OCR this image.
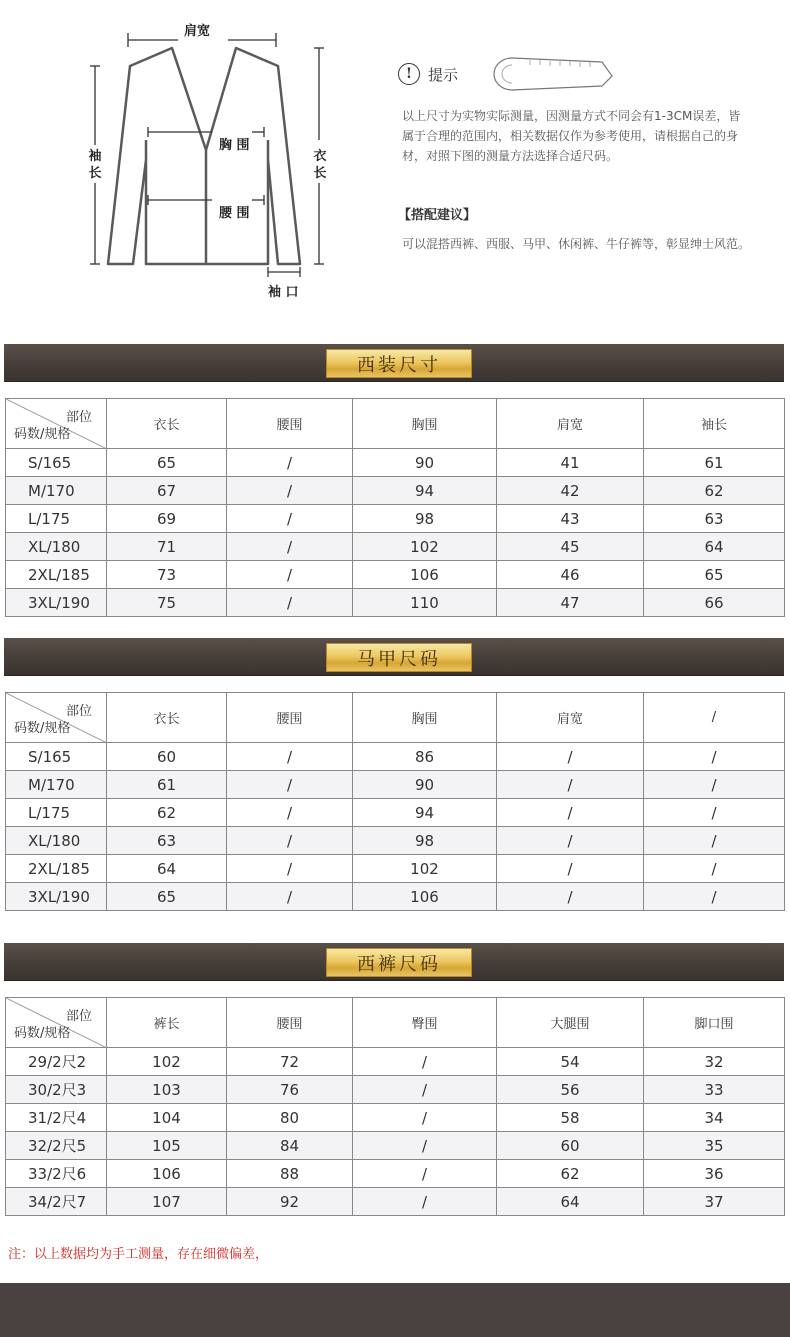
肩宽
袖长
衣长
胸 围
腰 围
袖 口
!	提示
以上尺寸为实物实际测量，因测量方式不同会有1-3CM误差，皆属于合理的范围内，相关数据仅作为参考使用，请根据自己的身材，对照下图的测量方法选择合适尺码。
【搭配建议】
可以混搭西裤、西服、马甲、休闲裤、牛仔裤等，彰显绅士风范。
西装尺寸
部位
码数/规格	衣长	腰围	胸围	肩宽	袖长
S/165	65	/	90	41	61
M/170	67	/	94	42	62
L/175	69	/	98	43	63
XL/180	71	/	102	45	64
2XL/185	73	/	106	46	65
3XL/190	75	/	110	47	66
马甲尺码
部位
码数/规格	衣长	腰围	胸围	肩宽	/
S/165	60	/	86	/	/
M/170	61	/	90	/	/
L/175	62	/	94	/	/
XL/180	63	/	98	/	/
2XL/185	64	/	102	/	/
3XL/190	65	/	106	/	/
西裤尺码
部位
码数/规格	裤长	腰围	臀围	大腿围	脚口围
29/2尺2	102	72	/	54	32
30/2尺3	103	76	/	56	33
31/2尺4	104	80	/	58	34
32/2尺5	105	84	/	60	35
33/2尺6	106	88	/	62	36
34/2尺7	107	92	/	64	37
注：以上数据均为手工测量，存在细微偏差，
